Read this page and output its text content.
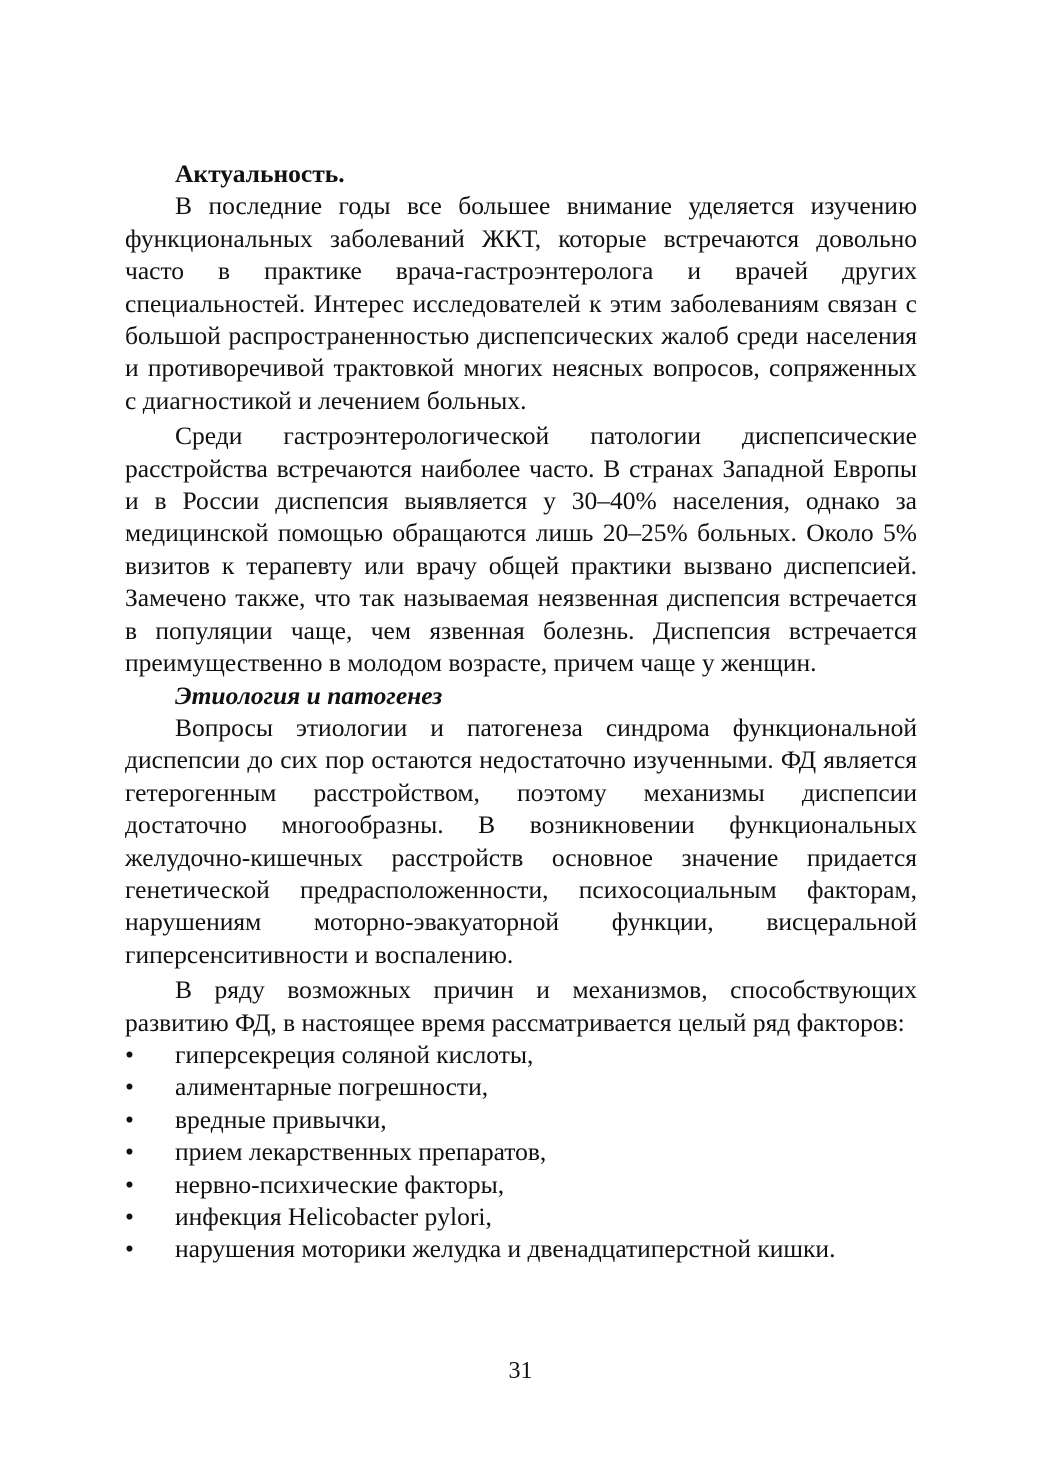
Актуальность.

В последние годы все большее внимание уделяется изучению функциональных заболеваний ЖКТ, которые встречаются довольно часто в практике врача-гастроэнтеролога и врачей других специальностей. Интерес исследователей к этим заболеваниям связан с большой распространенностью диспепсических жалоб среди населения и противоречивой трактовкой многих неясных вопросов, сопряженных с диагностикой и лечением больных.

Среди гастроэнтерологической патологии диспепсические расстройства встречаются наиболее часто. В странах Западной Европы и в России диспепсия выявляется у 30–40% населения, однако за медицинской помощью обращаются лишь 20–25% больных. Около 5% визитов к терапевту или врачу общей практики вызвано диспепсией. Замечено также, что так называемая неязвенная диспепсия встречается в популяции чаще, чем язвенная болезнь. Диспепсия встречается преимущественно в молодом возрасте, причем чаще у женщин.

Этиология и патогенез

Вопросы этиологии и патогенеза синдрома функциональной диспепсии до сих пор остаются недостаточно изученными. ФД является гетерогенным расстройством, поэтому механизмы диспепсии достаточно многообразны. В возникновении функциональных желудочно-кишечных расстройств основное значение придается генетической предрасположенности, психосоциальным факторам, нарушениям моторно-эвакуаторной функции, висцеральной гиперсенситивности и воспалению.

В ряду возможных причин и механизмов, способствующих развитию ФД, в настоящее время рассматривается целый ряд факторов:

•	гиперсекреция соляной кислоты,
•	алиментарные погрешности,
•	вредные привычки,
•	прием лекарственных препаратов,
•	нервно-психические факторы,
•	инфекция Helicobacter pylori,
•	нарушения моторики желудка и двенадцатиперстной кишки.
31
